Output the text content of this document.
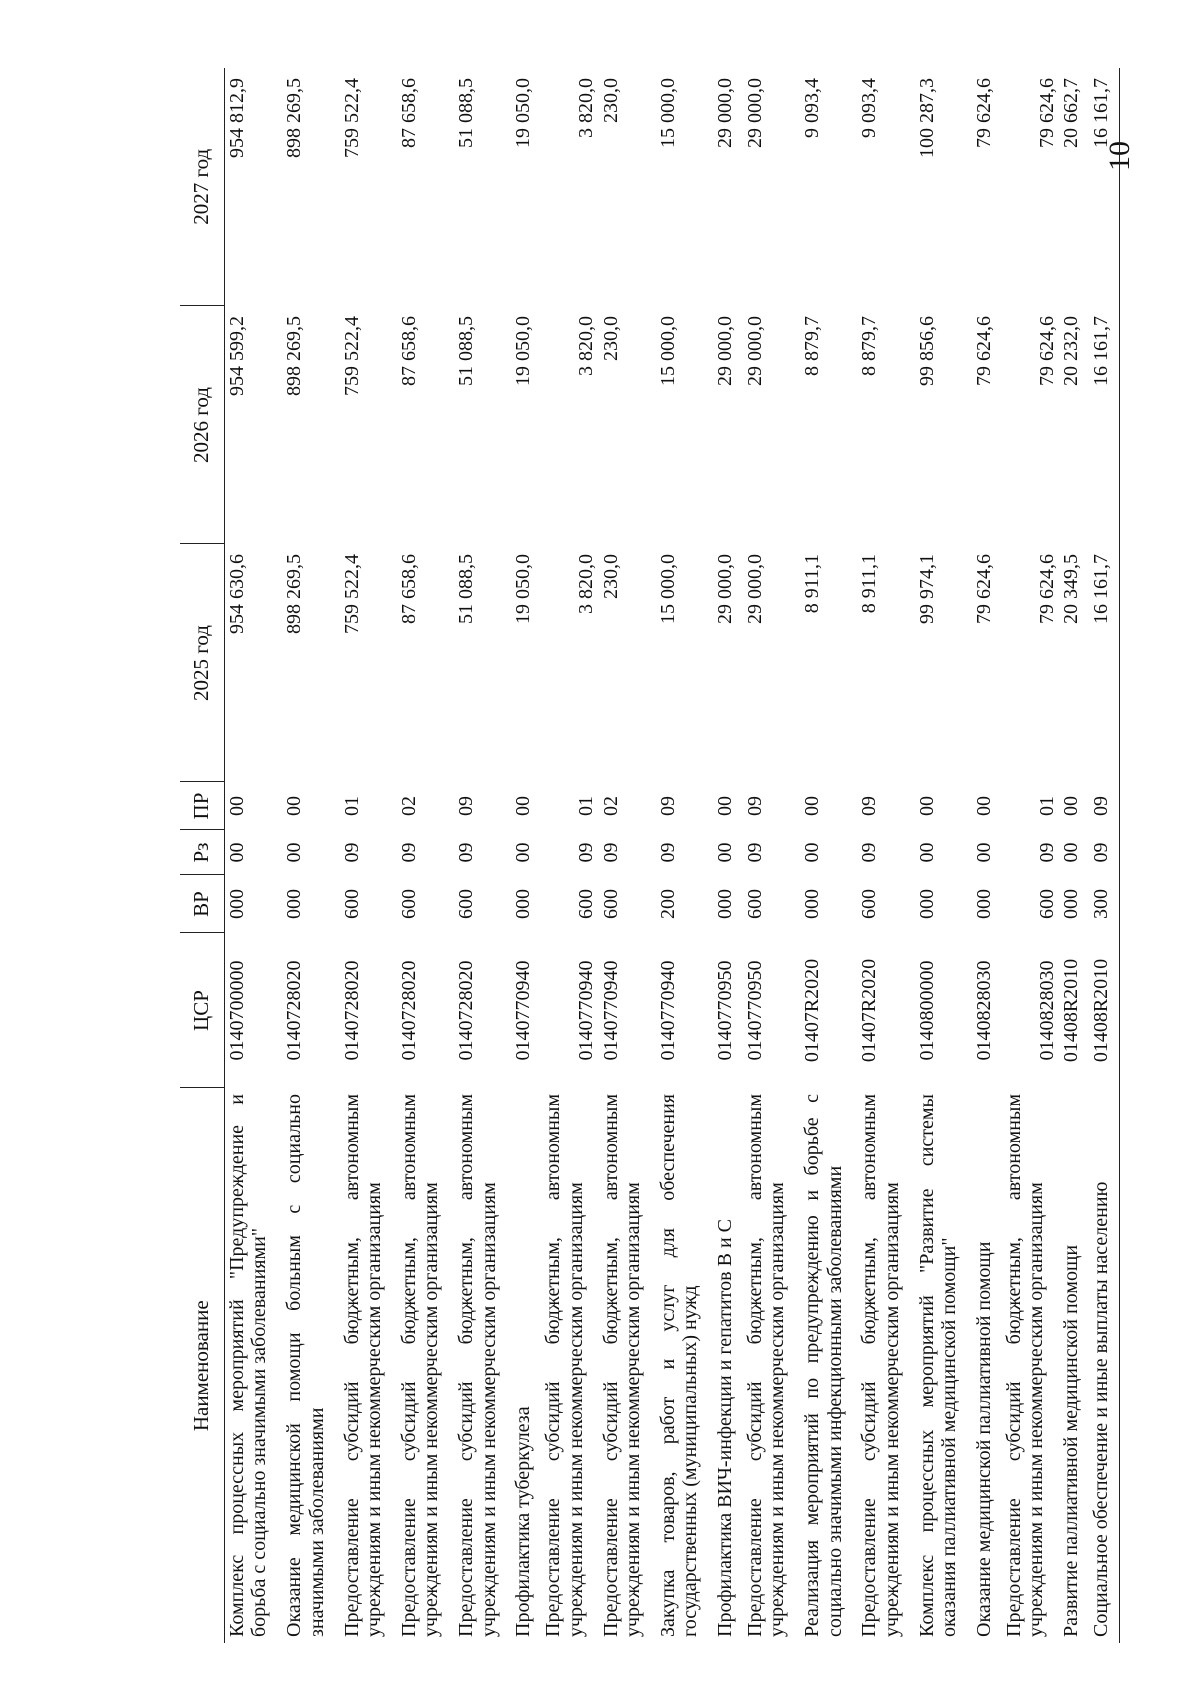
10
Наименование	ЦСР	ВР	Рз	ПР	2025 год	2026 год	2027 год
Комплекс процессных мероприятий "Предупреждение и борьба с социально значимыми заболеваниями"	0140700000	000	00	00	954 630,6	954 599,2	954 812,9
Оказание медицинской помощи больным с социально значимыми заболеваниями	0140728020	000	00	00	898 269,5	898 269,5	898 269,5
Предоставление субсидий бюджетным, автономным учреждениям и иным некоммерческим организациям	0140728020	600	09	01	759 522,4	759 522,4	759 522,4
Предоставление субсидий бюджетным, автономным учреждениям и иным некоммерческим организациям	0140728020	600	09	02	87 658,6	87 658,6	87 658,6
Предоставление субсидий бюджетным, автономным учреждениям и иным некоммерческим организациям	0140728020	600	09	09	51 088,5	51 088,5	51 088,5
Профилактика туберкулеза	0140770940	000	00	00	19 050,0	19 050,0	19 050,0
Предоставление субсидий бюджетным, автономным учреждениям и иным некоммерческим организациям	0140770940	600	09	01	3 820,0	3 820,0	3 820,0
Предоставление субсидий бюджетным, автономным учреждениям и иным некоммерческим организациям	0140770940	600	09	02	230,0	230,0	230,0
Закупка товаров, работ и услуг для обеспечения государственных (муниципальных) нужд	0140770940	200	09	09	15 000,0	15 000,0	15 000,0
Профилактика ВИЧ-инфекции и гепатитов В и С	0140770950	000	00	00	29 000,0	29 000,0	29 000,0
Предоставление субсидий бюджетным, автономным учреждениям и иным некоммерческим организациям	0140770950	600	09	09	29 000,0	29 000,0	29 000,0
Реализация мероприятий по предупреждению и борьбе с социально значимыми инфекционными заболеваниями	01407R2020	000	00	00	8 911,1	8 879,7	9 093,4
Предоставление субсидий бюджетным, автономным учреждениям и иным некоммерческим организациям	01407R2020	600	09	09	8 911,1	8 879,7	9 093,4
Комплекс процессных мероприятий "Развитие системы оказания паллиативной медицинской помощи"	0140800000	000	00	00	99 974,1	99 856,6	100 287,3
Оказание медицинской паллиативной помощи	0140828030	000	00	00	79 624,6	79 624,6	79 624,6
Предоставление субсидий бюджетным, автономным учреждениям и иным некоммерческим организациям	0140828030	600	09	01	79 624,6	79 624,6	79 624,6
Развитие паллиативной медицинской помощи	01408R2010	000	00	00	20 349,5	20 232,0	20 662,7
Социальное обеспечение и иные выплаты населению	01408R2010	300	09	09	16 161,7	16 161,7	16 161,7
